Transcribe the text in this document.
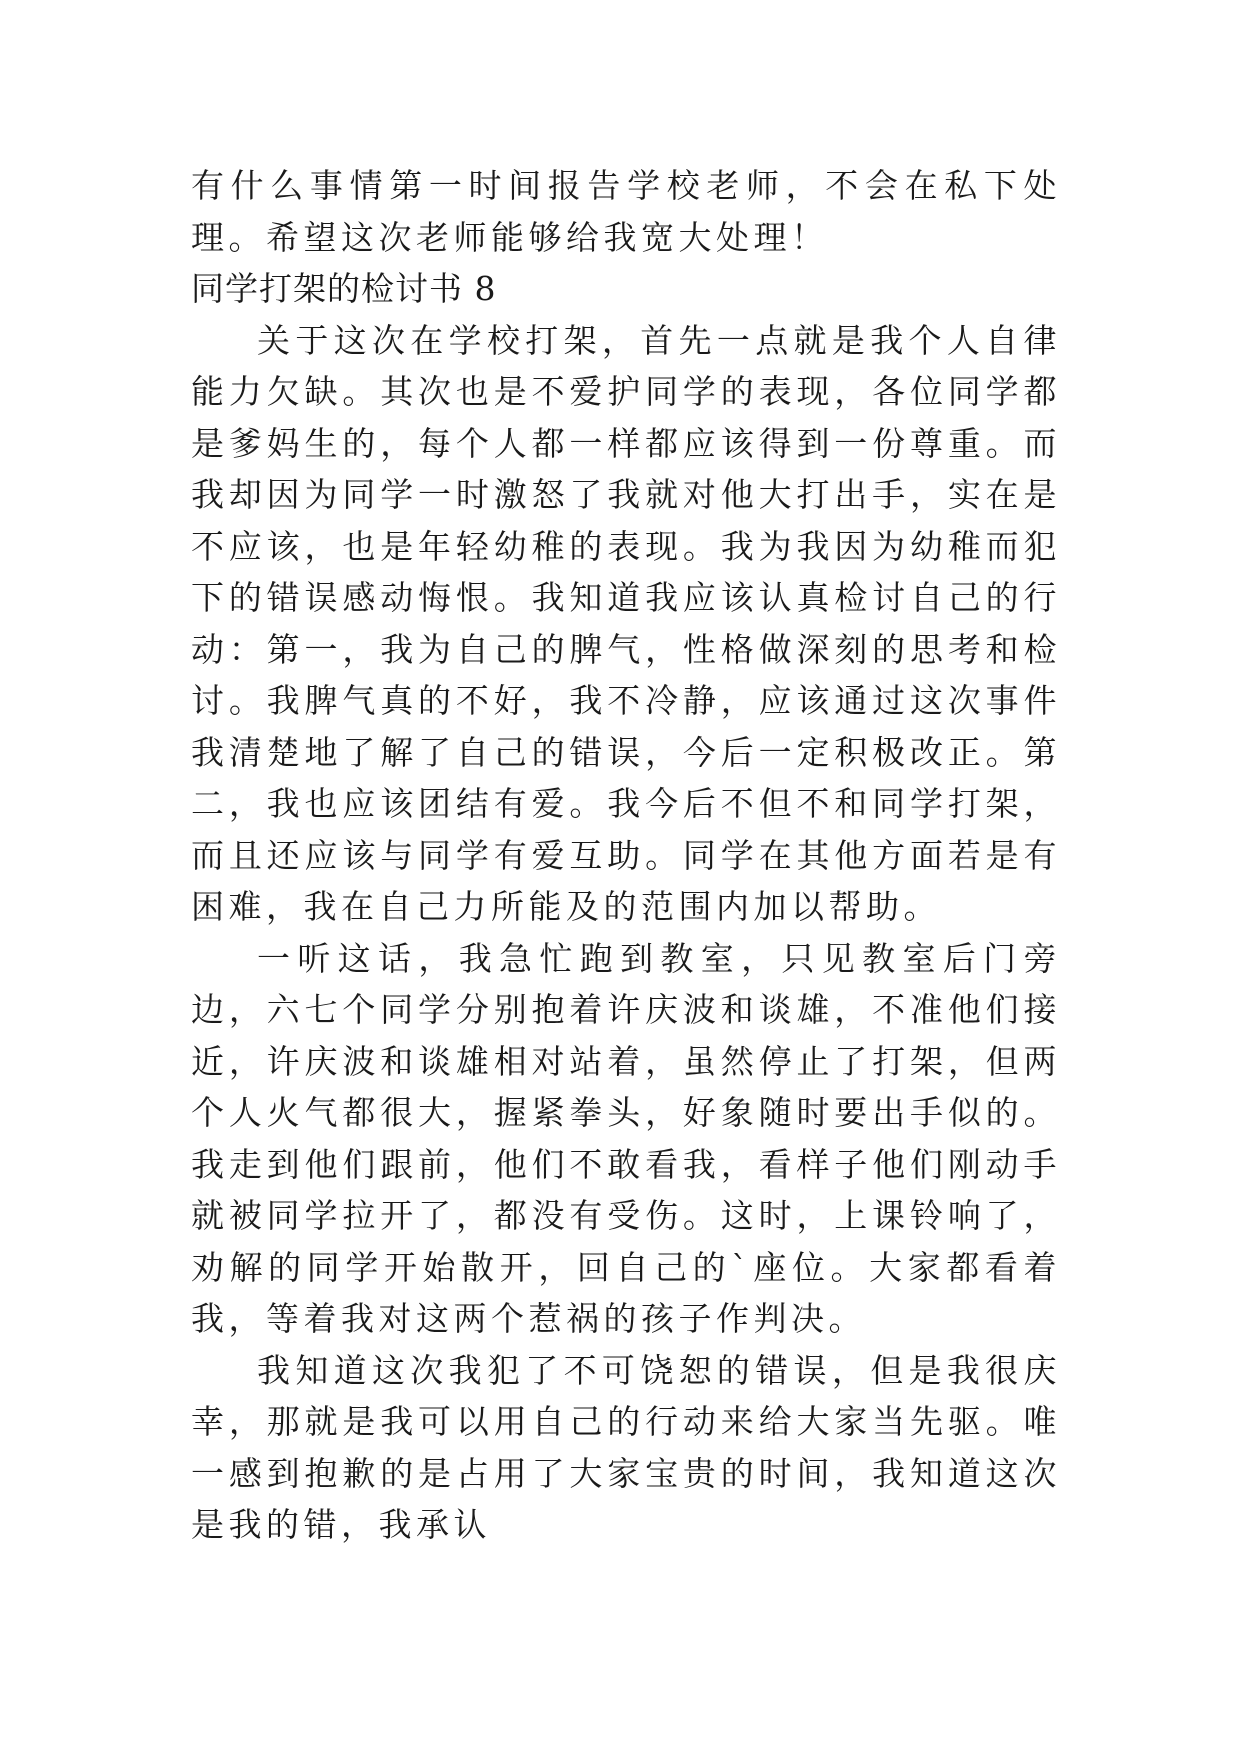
有什么事情第一时间报告学校老师，不会在私下处理。希望这次老师能够给我宽大处理！

同学打架的检讨书 8

关于这次在学校打架，首先一点就是我个人自律能力欠缺。其次也是不爱护同学的表现，各位同学都是爹妈生的，每个人都一样都应该得到一份尊重。而我却因为同学一时激怒了我就对他大打出手，实在是不应该，也是年轻幼稚的表现。我为我因为幼稚而犯下的错误感动悔恨。我知道我应该认真检讨自己的行动：第一，我为自己的脾气，性格做深刻的思考和检讨。我脾气真的不好，我不冷静，应该通过这次事件我清楚地了解了自己的错误，今后一定积极改正。第二，我也应该团结有爱。我今后不但不和同学打架，而且还应该与同学有爱互助。同学在其他方面若是有困难，我在自己力所能及的范围内加以帮助。

一听这话，我急忙跑到教室，只见教室后门旁边，六七个同学分别抱着许庆波和谈雄，不准他们接近，许庆波和谈雄相对站着，虽然停止了打架，但两个人火气都很大，握紧拳头，好象随时要出手似的。我走到他们跟前，他们不敢看我，看样子他们刚动手就被同学拉开了，都没有受伤。这时，上课铃响了，劝解的同学开始散开，回自己的`座位。大家都看着我，等着我对这两个惹祸的孩子作判决。

我知道这次我犯了不可饶恕的错误，但是我很庆幸，那就是我可以用自己的行动来给大家当先驱。唯一感到抱歉的是占用了大家宝贵的时间，我知道这次是我的错，我承认
